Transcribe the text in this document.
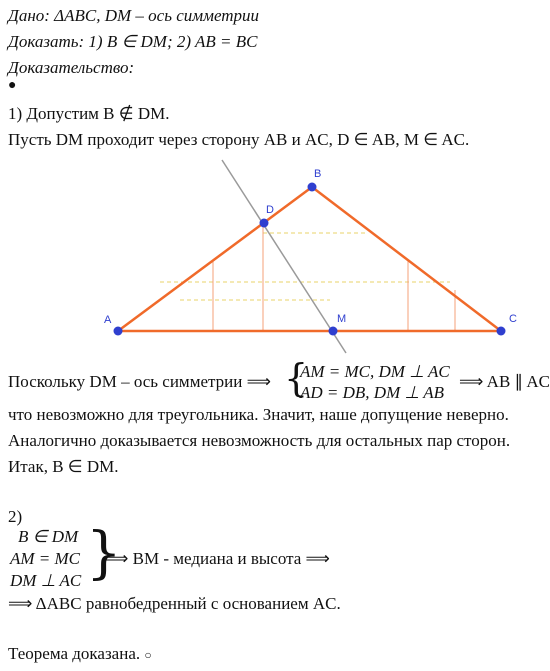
Дано: ΔABC, DM – ось симметрии
Доказать: 1) B ∈ DM; 2) AB = BC
Доказательство:
●
1) Допустим B ∉ DM.
Пусть DM проходит через сторону AB и AC, D ∈ AB, M ∈ AC.
A
B
C
D
M
Поскольку DM – ось симметрии ⟹ {
AM = MC, DM ⊥ AC
AD = DB, DM ⊥ AB
⟹ AB ∥ AC
что невозможно для треугольника. Значит, наше допущение неверно.
Аналогично доказывается невозможность для остальных пар сторон.
Итак, B ∈ DM.
2)
B ∈ DM
AM = MC
DM ⊥ AC }
⟹ BM - медиана и высота ⟹
⟹ ΔABC равнобедренный с основанием AC.
Теорема доказана. ○
